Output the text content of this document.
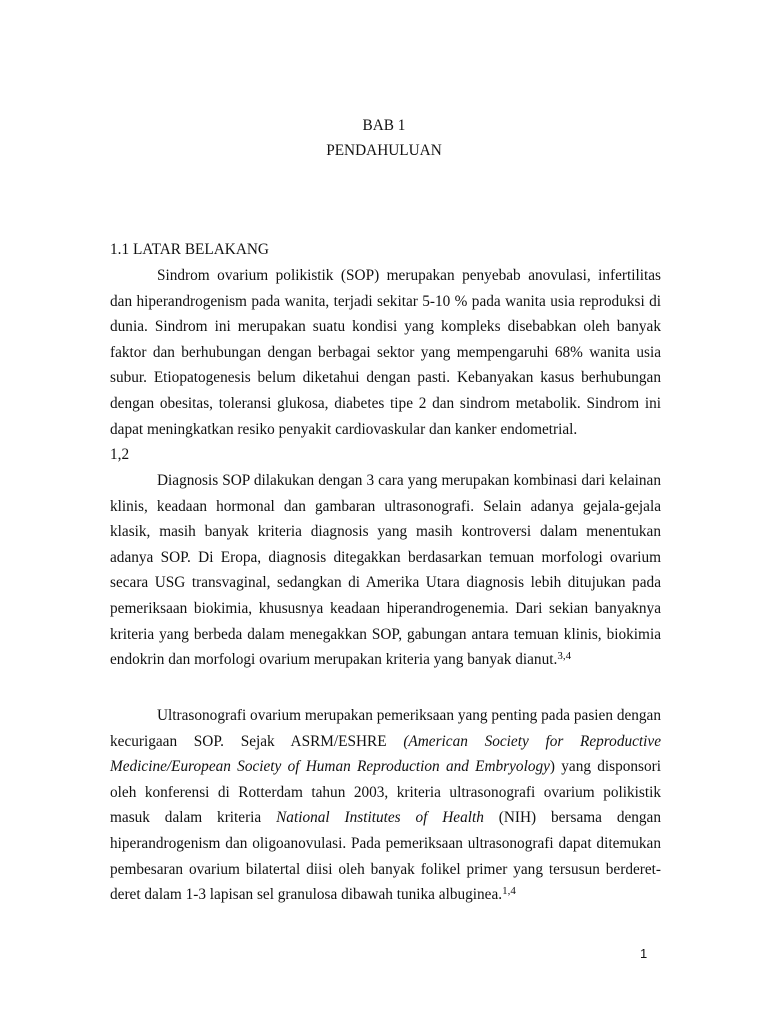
BAB 1
PENDAHULUAN
1.1 LATAR BELAKANG

Sindrom ovarium polikistik (SOP) merupakan penyebab anovulasi, infertilitas dan hiperandrogenism pada wanita, terjadi sekitar 5-10 % pada wanita usia reproduksi di dunia. Sindrom ini merupakan suatu kondisi yang kompleks disebabkan oleh banyak faktor dan berhubungan dengan berbagai sektor yang mempengaruhi 68% wanita usia subur. Etiopatogenesis belum diketahui dengan pasti. Kebanyakan kasus berhubungan dengan obesitas, toleransi glukosa, diabetes tipe 2 dan sindrom metabolik. Sindrom ini dapat meningkatkan resiko penyakit cardiovaskular dan kanker endometrial.
1,2

Diagnosis SOP dilakukan dengan 3 cara yang merupakan kombinasi dari kelainan klinis, keadaan hormonal dan gambaran ultrasonografi. Selain adanya gejala-gejala klasik, masih banyak kriteria diagnosis yang masih kontroversi dalam menentukan adanya SOP. Di Eropa, diagnosis ditegakkan berdasarkan temuan morfologi ovarium secara USG transvaginal, sedangkan di Amerika Utara diagnosis lebih ditujukan pada pemeriksaan biokimia, khususnya keadaan hiperandrogenemia. Dari sekian banyaknya kriteria yang berbeda dalam menegakkan SOP, gabungan antara temuan klinis, biokimia endokrin dan morfologi ovarium merupakan kriteria yang banyak dianut.$^{3,4}$

Ultrasonografi ovarium merupakan pemeriksaan yang penting pada pasien dengan kecurigaan SOP. Sejak ASRM/ESHRE (American Society for Reproductive Medicine/European Society of Human Reproduction and Embryology) yang disponsori oleh konferensi di Rotterdam tahun 2003, kriteria ultrasonografi ovarium polikistik masuk dalam kriteria National Institutes of Health (NIH) bersama dengan hiperandrogenism dan oligoanovulasi. Pada pemeriksaan ultrasonografi dapat ditemukan pembesaran ovarium bilatertal diisi oleh banyak folikel primer yang tersusun berderet-deret dalam 1-3 lapisan sel granulosa dibawah tunika albuginea.$^{1,4}$

1
